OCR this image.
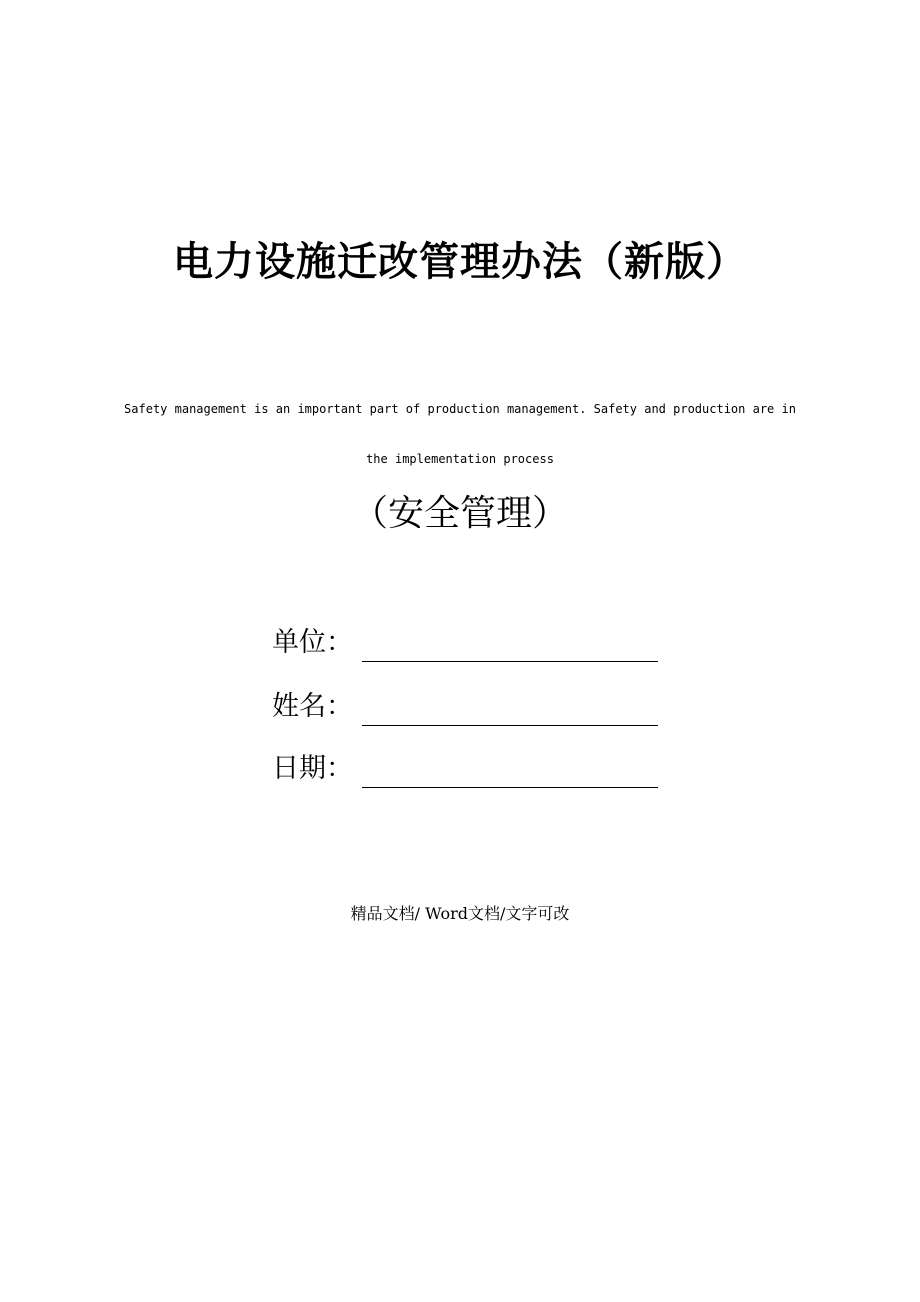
电力设施迁改管理办法（新版）
Safety management is an important part of production management. Safety and production are in
the implementation process
（安全管理）
单位：
姓名：
日期：
精品文档/ Word文档/文字可改
